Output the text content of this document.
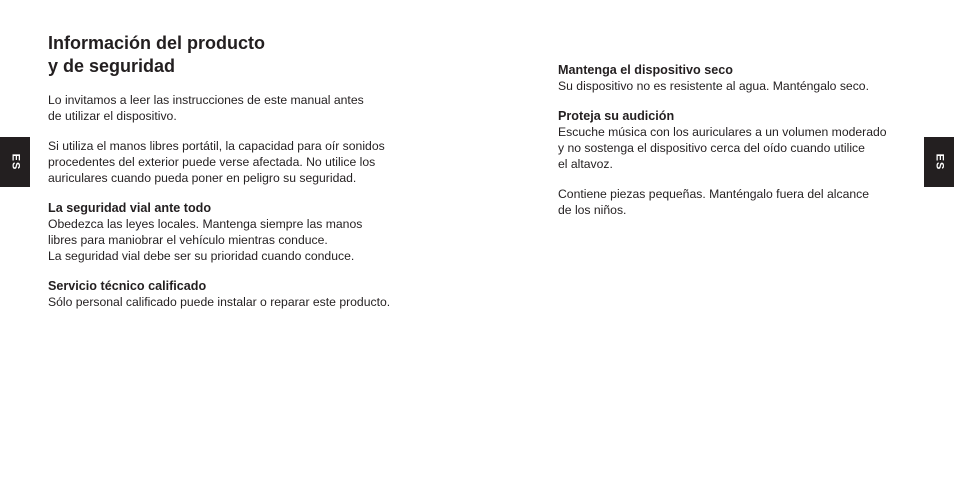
ES	ES
Información del producto
y de seguridad

Lo invitamos a leer las instrucciones de este manual antes
de utilizar el dispositivo.

Si utiliza el manos libres portátil, la capacidad para oír sonidos
procedentes del exterior puede verse afectada. No utilice los
auriculares cuando pueda poner en peligro su seguridad.

La seguridad vial ante todo

Obedezca las leyes locales. Mantenga siempre las manos
libres para maniobrar el vehículo mientras conduce.
La seguridad vial debe ser su prioridad cuando conduce.

Servicio técnico calificado

Sólo personal calificado puede instalar o reparar este producto.

Mantenga el dispositivo seco

Su dispositivo no es resistente al agua. Manténgalo seco.

Proteja su audición

Escuche música con los auriculares a un volumen moderado
y no sostenga el dispositivo cerca del oído cuando utilice
el altavoz.

Contiene piezas pequeñas. Manténgalo fuera del alcance
de los niños.
